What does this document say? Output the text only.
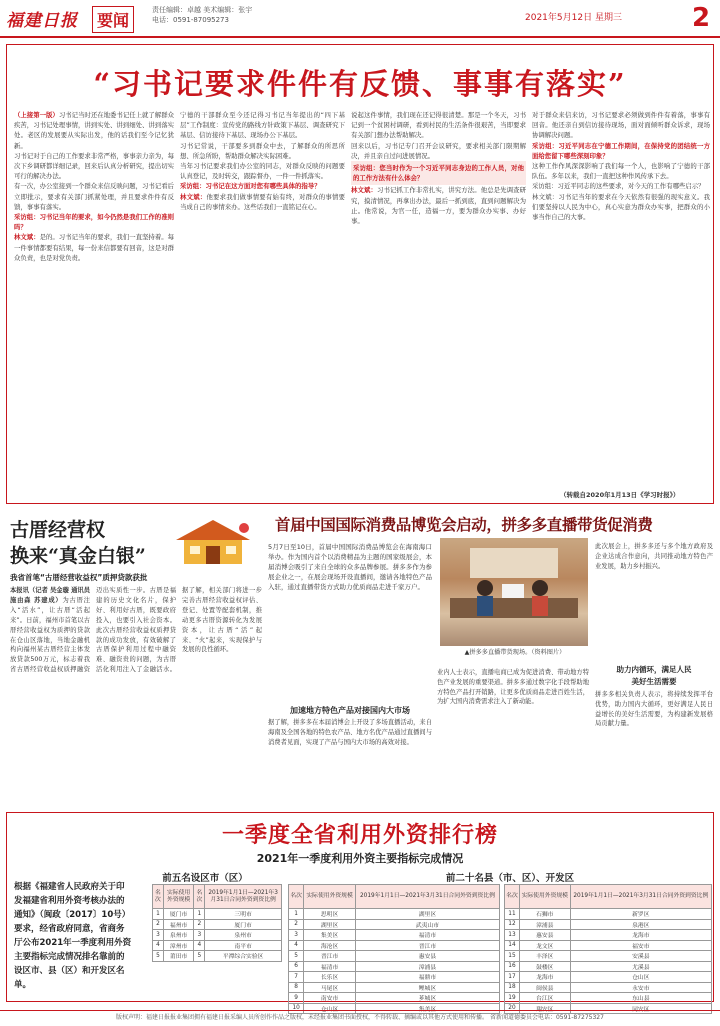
福建日报	要闻
责任编辑：卓越 美术编辑：张宇
电话：0591-87095273	2021年5月12日 星期三	2
“习书记要求件件有反馈、事事有落实”

（上接第一版）习书记当时还在地委书记任上就了解群众疾苦，习书记处理事情，讲到实处、讲到细处、讲到落实处。老区的发展要从实际出发，他的话我们至今记忆犹新。

习书记对于自己的工作要求非常严格，事事亲力亲为，每次下乡调研都详细记录，回来后认真分析研究，提出切实可行的解决办法。

有一次，办公室接到一个群众来信反映问题，习书记看后立即批示，要求有关部门抓紧处理，并且要求件件有反馈，事事有落实。

采访组：习书记当年的要求，如今仍然是我们工作的准则吗？

林文斌：是的。习书记当年的要求，我们一直坚持着。每一件事情都要有结果，每一份来信都要有回音，这是对群众负责，也是对党负责。

宁德的干部群众至今还记得习书记当年提出的“四下基层”工作制度：宣传党的路线方针政策下基层、调查研究下基层、信访接待下基层、现场办公下基层。

习书记常说，干部要多到群众中去，了解群众的所思所想、所急所盼，帮助群众解决实际困难。

当年习书记要求我们办公室的同志，对群众反映的问题要认真登记，及时转交，跟踪督办，一件一件抓落实。

采访组：习书记在这方面对您有哪些具体的指导？

林文斌：他要求我们做事情要有始有终，对群众的事情要当成自己的事情来办。这些话我们一直铭记在心。

说起这件事情，我们现在还记得很清楚。那是一个冬天，习书记到一个贫困村调研，看到村民的生活条件很艰苦，当即要求有关部门想办法帮助解决。

回来以后，习书记专门召开会议研究，要求相关部门限期解决，并且亲自过问进展情况。

采访组：您当时作为一个习近平同志身边的工作人员，对他的工作方法有什么体会？

林文斌：习书记抓工作非常扎实，讲究方法。他总是先调查研究，摸清情况，再拿出办法，最后一抓到底，直到问题解决为止。他常说，为官一任，造福一方，要为群众办实事、办好事。

对于群众来信来访，习书记要求必须做到件件有着落，事事有回音。他还亲自到信访接待现场，面对面倾听群众诉求，现场协调解决问题。

采访组：习近平同志在宁德工作期间，在保持党的团结统一方面给您留下哪些深刻印象？

这种工作作风深深影响了我们每一个人，也影响了宁德的干部队伍。多年以来，我们一直把这种作风传承下去。

采访组：习近平同志的这些要求，对今天的工作有哪些启示？

林文斌：习书记当年的要求在今天依然有很强的现实意义。我们要坚持以人民为中心，真心实意为群众办实事，把群众的小事当作自己的大事。

（转载自2020年1月13日《学习时报》）
古厝经营权
换来“真金白银”
我省首笔“古厝经营收益权”质押贷款获批

本报讯（记者 吴金璇 通讯员 施由森 苏建成）为古厝注入“活水”，让古厝“活起来”。日前，福州市首笔以古厝经营收益权为质押的贷款在仓山区落地，当地金融机构向福州某古厝经营主体发放贷款500万元，标志着我省古厝经营收益权质押融资迈出实质性一步。古厝是福建的历史文化名片，保护好、利用好古厝，既要政府投入，也要引入社会资本。此次古厝经营收益权质押贷款的成功发放，有效破解了古厝保护利用过程中融资难、融资贵的问题，为古厝活化利用注入了金融活水。据了解，相关部门将进一步完善古厝经营收益权评估、登记、处置等配套机制，推动更多古厝资源转化为发展资本，让古厝“活”起来、“火”起来，实现保护与发展的良性循环。

首届中国国际消费品博览会启动，拼多多直播带货促消费
5月7日至10日，首届中国国际消费品博览会在海南海口举办。作为国内首个以消费精品为主题的国家级展会，本届消博会吸引了来自全球的众多品牌参展。拼多多作为参展企业之一，在展会现场开设直播间，邀请各地特色产品入驻，通过直播带货方式助力优质商品走进千家万户。
▲拼多多直播带货现场。（资料图片）
加速地方特色产品对接国内大市场
据了解，拼多多在本届消博会上开设了多场直播活动，来自海南及全国各地的特色农产品、地方名优产品通过直播间与消费者见面，实现了产品与国内大市场的高效对接。
业内人士表示，直播电商已成为促进消费、带动地方特色产业发展的重要渠道。拼多多通过数字化手段帮助地方特色产品打开销路，让更多优质商品走进百姓生活，为扩大国内消费需求注入了新动能。
此次展会上，拼多多还与多个地方政府及企业达成合作意向，共同推动地方特色产业发展，助力乡村振兴。
助力内循环，满足人民
美好生活需要
拼多多相关负责人表示，将持续发挥平台优势，助力国内大循环，更好满足人民日益增长的美好生活需要，为构建新发展格局贡献力量。
一季度全省利用外资排行榜
2021年一季度利用外资主要指标完成情况
根据《福建省人民政府关于印发福建省利用外资考核办法的通知》（闽政〔2017〕10号）要求，经省政府同意，省商务厅公布2021年一季度利用外资主要指标完成情况排名靠前的设区市、县（区）和开发区名单。
前五名设区市（区）	前二十名县（市、区）、开发区
名次	实际使用外资规模	名次	2019年1月1日—2021年3月31日合同外资到资比例
1	厦门市	1	三明市
2	福州市	2	厦门市
3	泉州市	3	泉州市
4	漳州市	4	南平市
5	莆田市	5	平潭综合实验区
名次	实际使用外资规模	2019年1月1日—2021年3月31日合同外资到资比例
1	思明区	湖里区
2	湖里区	武夷山市
3	集美区	福清市
4	海沧区	晋江市
5	晋江市	惠安县
6	福清市	漳浦县
7	长乐区	福鼎市
8	马尾区	鲤城区
9	南安市	芗城区
10	仓山区	集美区
名次	实际使用外资规模	2019年1月1日—2021年3月31日合同外资到资比例
11	石狮市	新罗区
12	漳浦县	泉港区
13	惠安县	龙海市
14	龙文区	福安市
15	丰泽区	安溪县
16	鼓楼区	尤溪县
17	龙海市	仓山区
18	闽侯县	永安市
19	台江区	东山县
20	翔安区	同安区
版权声明：福建日报报业集团拥有福建日报采编人员所创作作品之版权，未经报业集团书面授权，不得转载、摘编或以其他方式使用和传播。 省新闻道德委员会电话：0591-87275327
